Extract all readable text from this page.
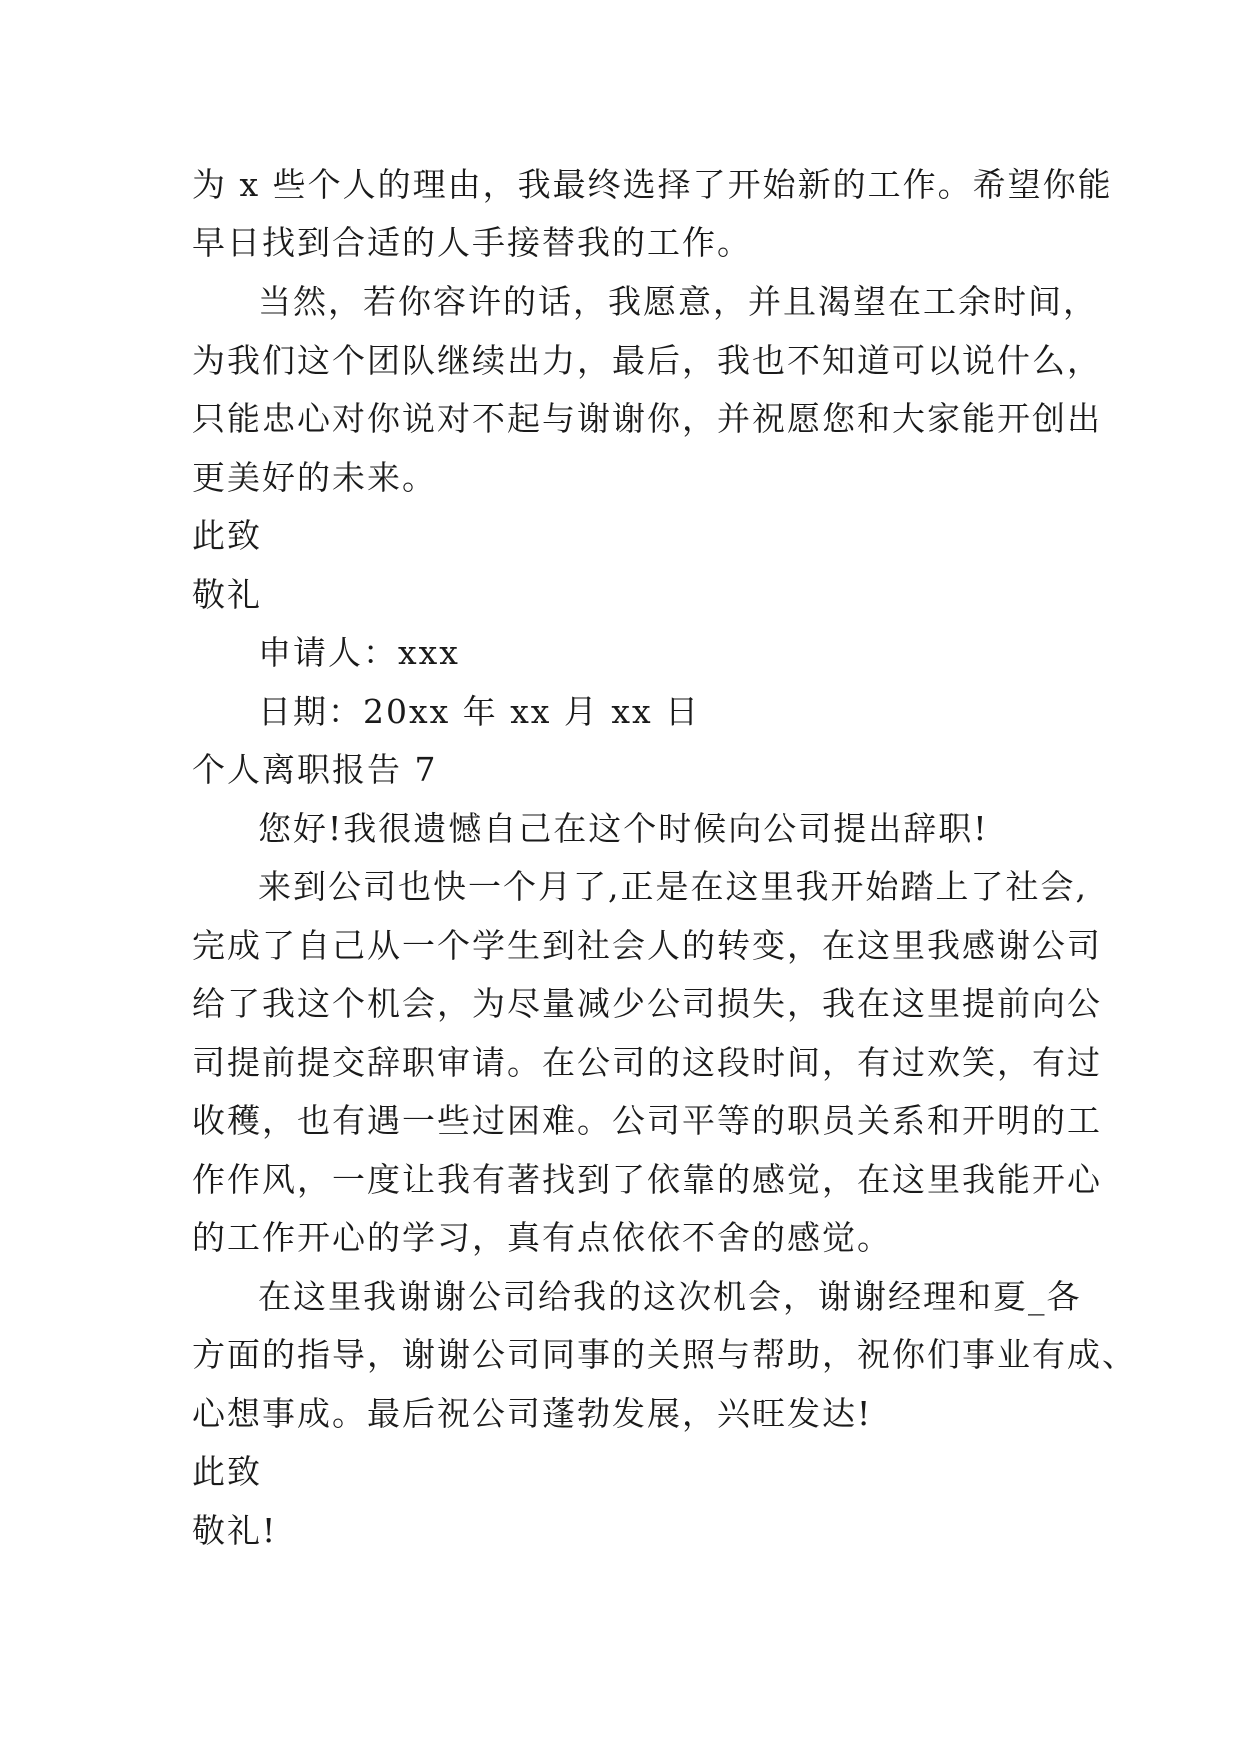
为 x 些个人的理由，我最终选择了开始新的工作。希望你能
早日找到合适的人手接替我的工作。
当然，若你容许的话，我愿意，并且渴望在工余时间，
为我们这个团队继续出力，最后，我也不知道可以说什么，
只能忠心对你说对不起与谢谢你，并祝愿您和大家能开创出
更美好的未来。
此致
敬礼
申请人：xxx
日期：20xx 年 xx 月 xx 日
个人离职报告 7
您好!我很遗憾自己在这个时候向公司提出辞职!
来到公司也快一个月了,正是在这里我开始踏上了社会,
完成了自己从一个学生到社会人的转变，在这里我感谢公司
给了我这个机会，为尽量减少公司损失，我在这里提前向公
司提前提交辞职审请。在公司的这段时间，有过欢笑，有过
收穫，也有遇一些过困难。公司平等的职员关系和开明的工
作作风，一度让我有著找到了依靠的感觉，在这里我能开心
的工作开心的学习，真有点依依不舍的感觉。
在这里我谢谢公司给我的这次机会，谢谢经理和夏_各
方面的指导，谢谢公司同事的关照与帮助，祝你们事业有成、
心想事成。最后祝公司蓬勃发展，兴旺发达!
此致
敬礼!
